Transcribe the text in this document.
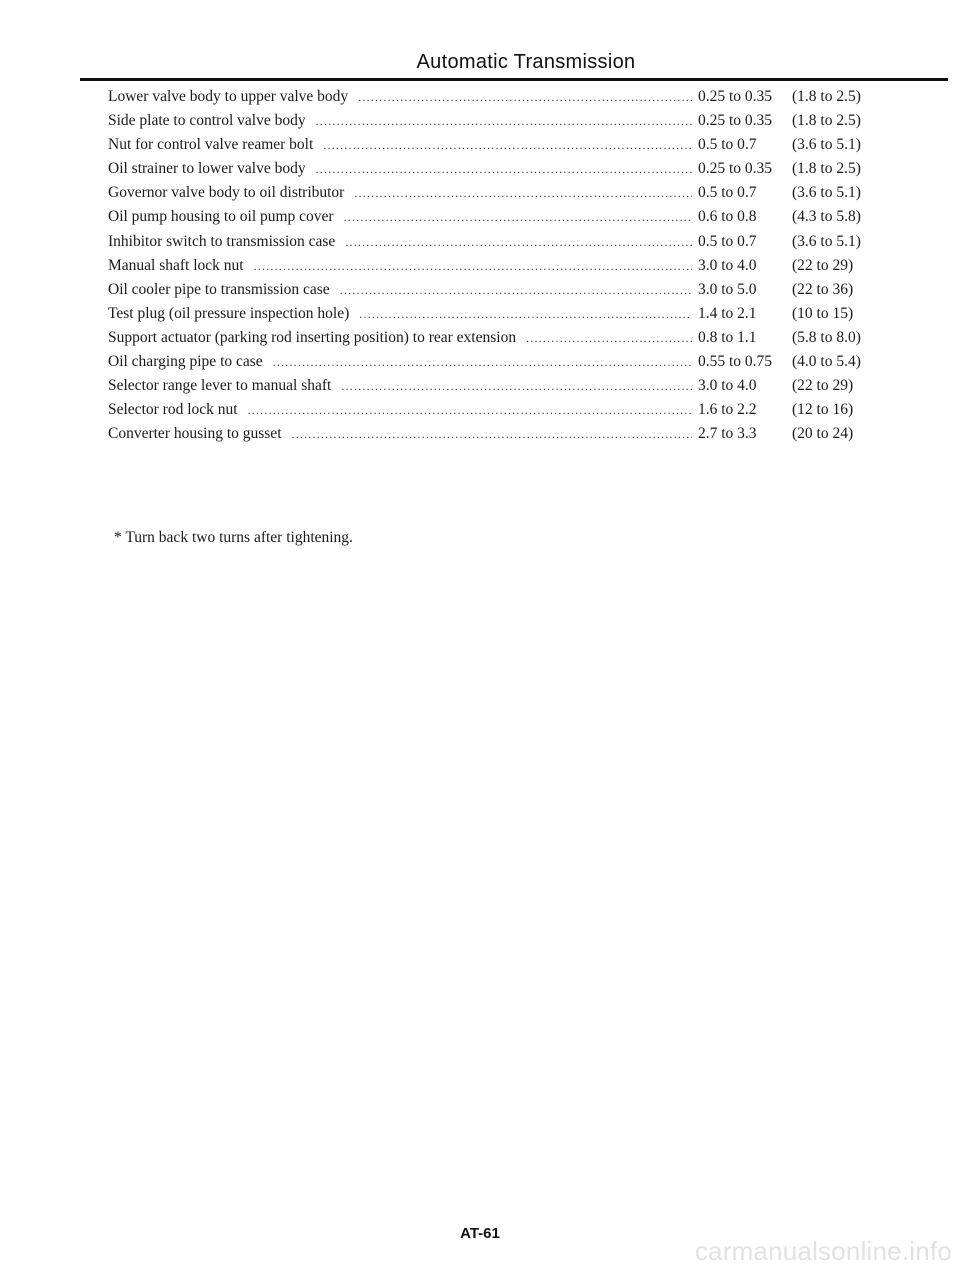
Automatic Transmission
Lower valve body to upper valve body .....	0.25 to 0.35	(1.8 to 2.5)
Side plate to control valve body .....	0.25 to 0.35	(1.8 to 2.5)
Nut for control valve reamer bolt .....	0.5 to 0.7	(3.6 to 5.1)
Oil strainer to lower valve body .....	0.25 to 0.35	(1.8 to 2.5)
Governor valve body to oil distributor .....	0.5 to 0.7	(3.6 to 5.1)
Oil pump housing to oil pump cover .....	0.6 to 0.8	(4.3 to 5.8)
Inhibitor switch to transmission case .....	0.5 to 0.7	(3.6 to 5.1)
Manual shaft lock nut .....	3.0 to 4.0	(22 to 29)
Oil cooler pipe to transmission case .....	3.0 to 5.0	(22 to 36)
Test plug (oil pressure inspection hole) .....	1.4 to 2.1	(10 to 15)
Support actuator (parking rod inserting position) to rear extension .....	0.8 to 1.1	(5.8 to 8.0)
Oil charging pipe to case .....	0.55 to 0.75	(4.0 to 5.4)
Selector range lever to manual shaft .....	3.0 to 4.0	(22 to 29)
Selector rod lock nut .....	1.6 to 2.2	(12 to 16)
Converter housing to gusset .....	2.7 to 3.3	(20 to 24)
* Turn back two turns after tightening.
AT-61
carmanualsonline.info
